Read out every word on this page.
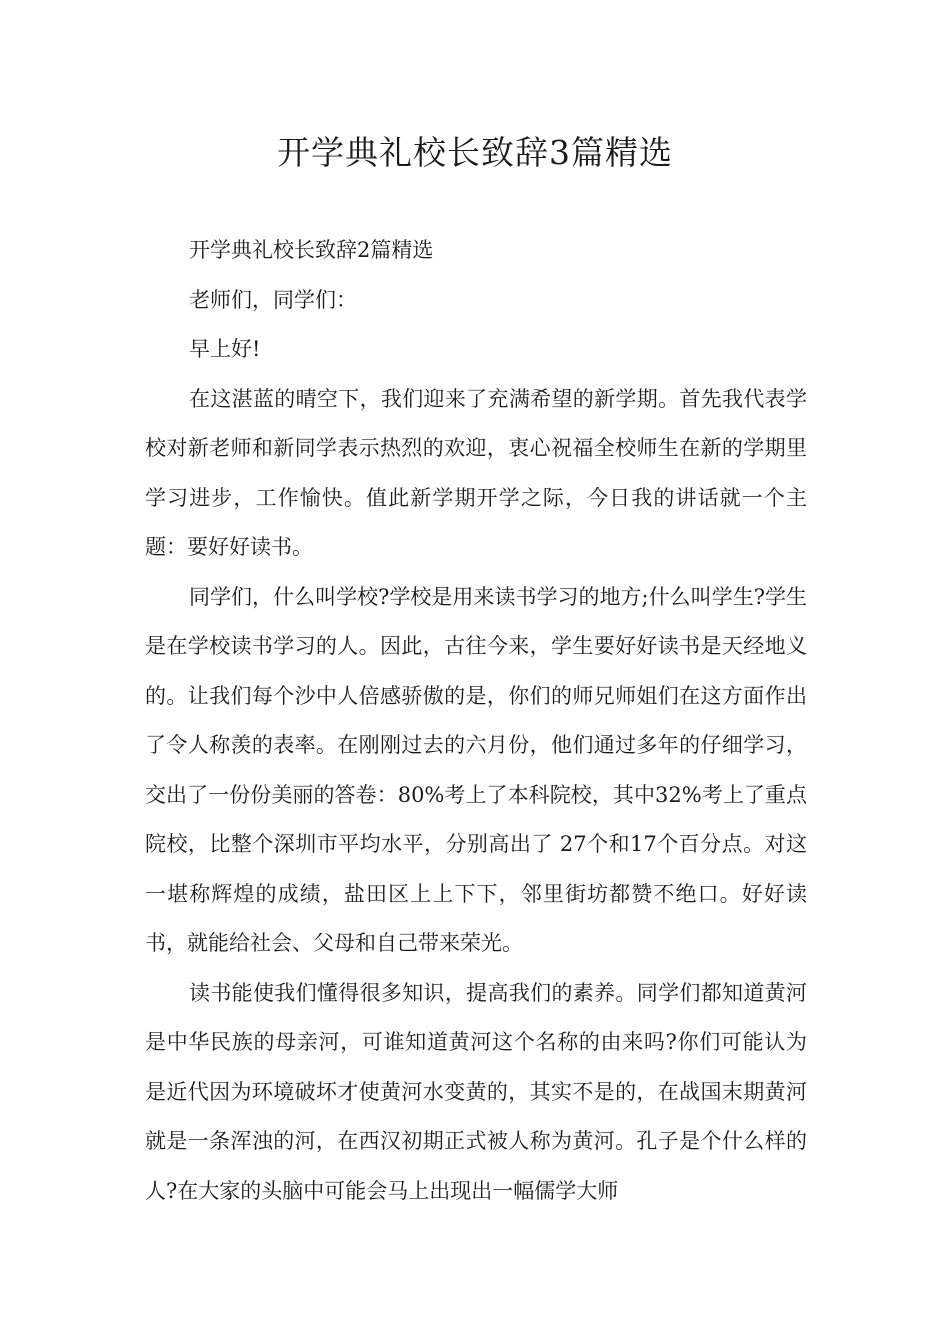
开学典礼校长致辞3篇精选

开学典礼校长致辞2篇精选

老师们，同学们：

早上好!

在这湛蓝的晴空下，我们迎来了充满希望的新学期。首先我代表学校对新老师和新同学表示热烈的欢迎，衷心祝福全校师生在新的学期里学习进步，工作愉快。值此新学期开学之际，今日我的讲话就一个主题：要好好读书。

同学们，什么叫学校?学校是用来读书学习的地方;什么叫学生?学生是在学校读书学习的人。因此，古往今来，学生要好好读书是天经地义的。让我们每个沙中人倍感骄傲的是，你们的师兄师姐们在这方面作出了令人称羡的表率。在刚刚过去的六月份，他们通过多年的仔细学习，交出了一份份美丽的答卷：80%考上了本科院校，其中32%考上了重点院校，比整个深圳市平均水平，分别高出了 27个和17个百分点。对这一堪称辉煌的成绩，盐田区上上下下，邻里街坊都赞不绝口。好好读书，就能给社会、父母和自己带来荣光。

读书能使我们懂得很多知识，提高我们的素养。同学们都知道黄河是中华民族的母亲河，可谁知道黄河这个名称的由来吗?你们可能认为是近代因为环境破坏才使黄河水变黄的，其实不是的，在战国末期黄河就是一条浑浊的河，在西汉初期正式被人称为黄河。孔子是个什么样的人?在大家的头脑中可能会马上出现出一幅儒学大师
